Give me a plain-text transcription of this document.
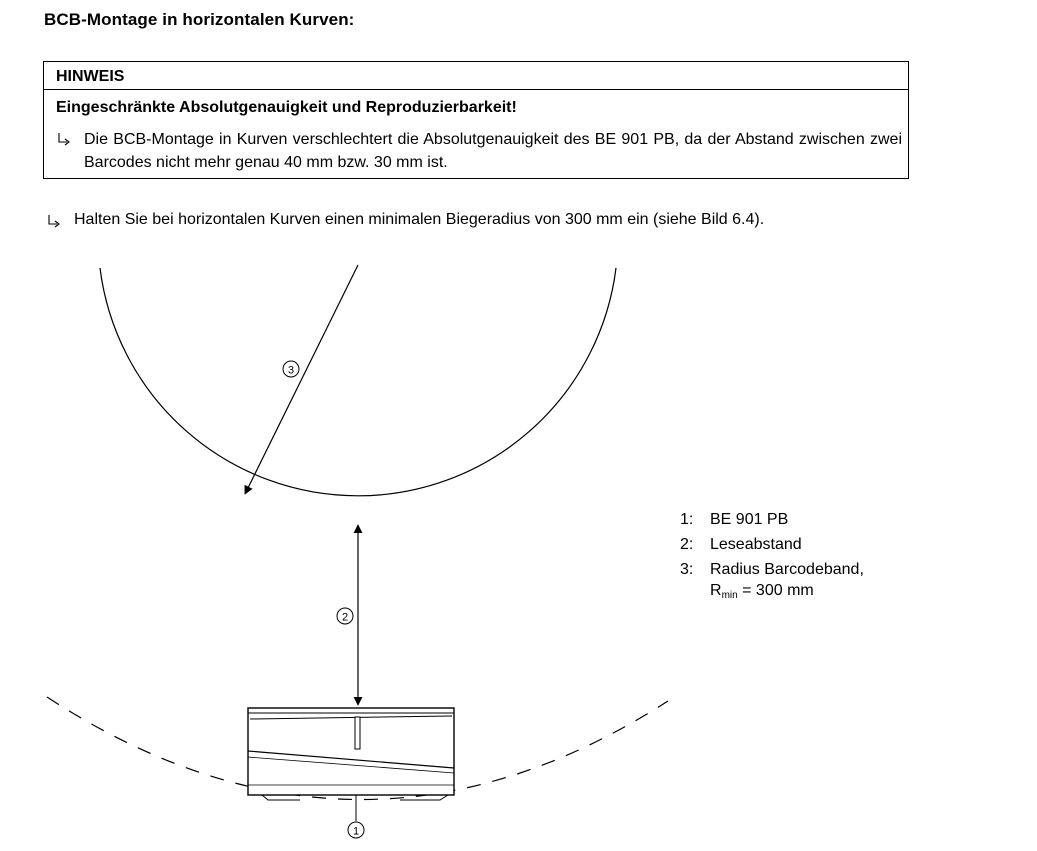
BCB-Montage in horizontalen Kurven:
HINWEIS
Eingeschränkte Absolutgenauigkeit und Reproduzierbarkeit!
Die BCB-Montage in Kurven verschlechtert die Absolutgenauigkeit des BE 901 PB, da der Abstand zwischen zwei Barcodes nicht mehr genau 40 mm bzw. 30 mm ist.
Halten Sie bei horizontalen Kurven einen minimalen Biegeradius von 300 mm ein (siehe Bild 6.4).
3
2
1
1:	BE 901 PB
2:	Leseabstand
3:	Radius Barcodeband,
$R_{min} = 300$ mm
